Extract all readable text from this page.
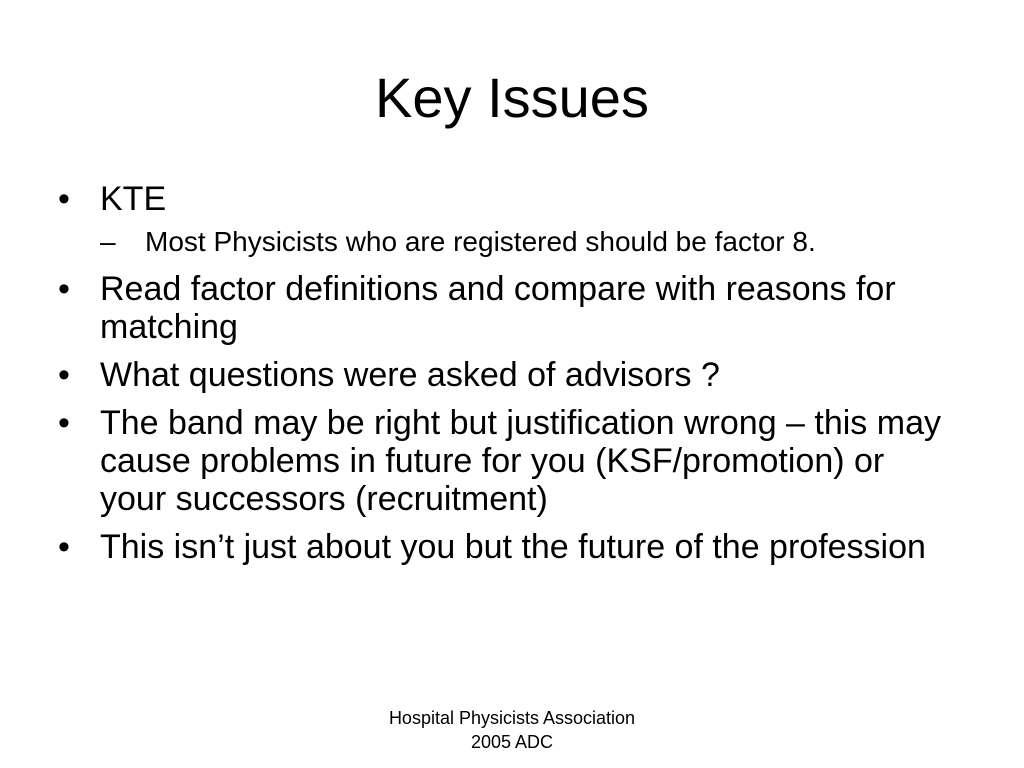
Key Issues
• KTE
– Most Physicists who are registered should be factor 8.
• Read factor definitions and compare with reasons for matching
• What questions were asked of advisors ?
• The band may be right but justification wrong – this may cause problems in future for you (KSF/promotion) or your successors (recruitment)
• This isn’t just about you but the future of the profession
Hospital Physicists Association
2005 ADC
